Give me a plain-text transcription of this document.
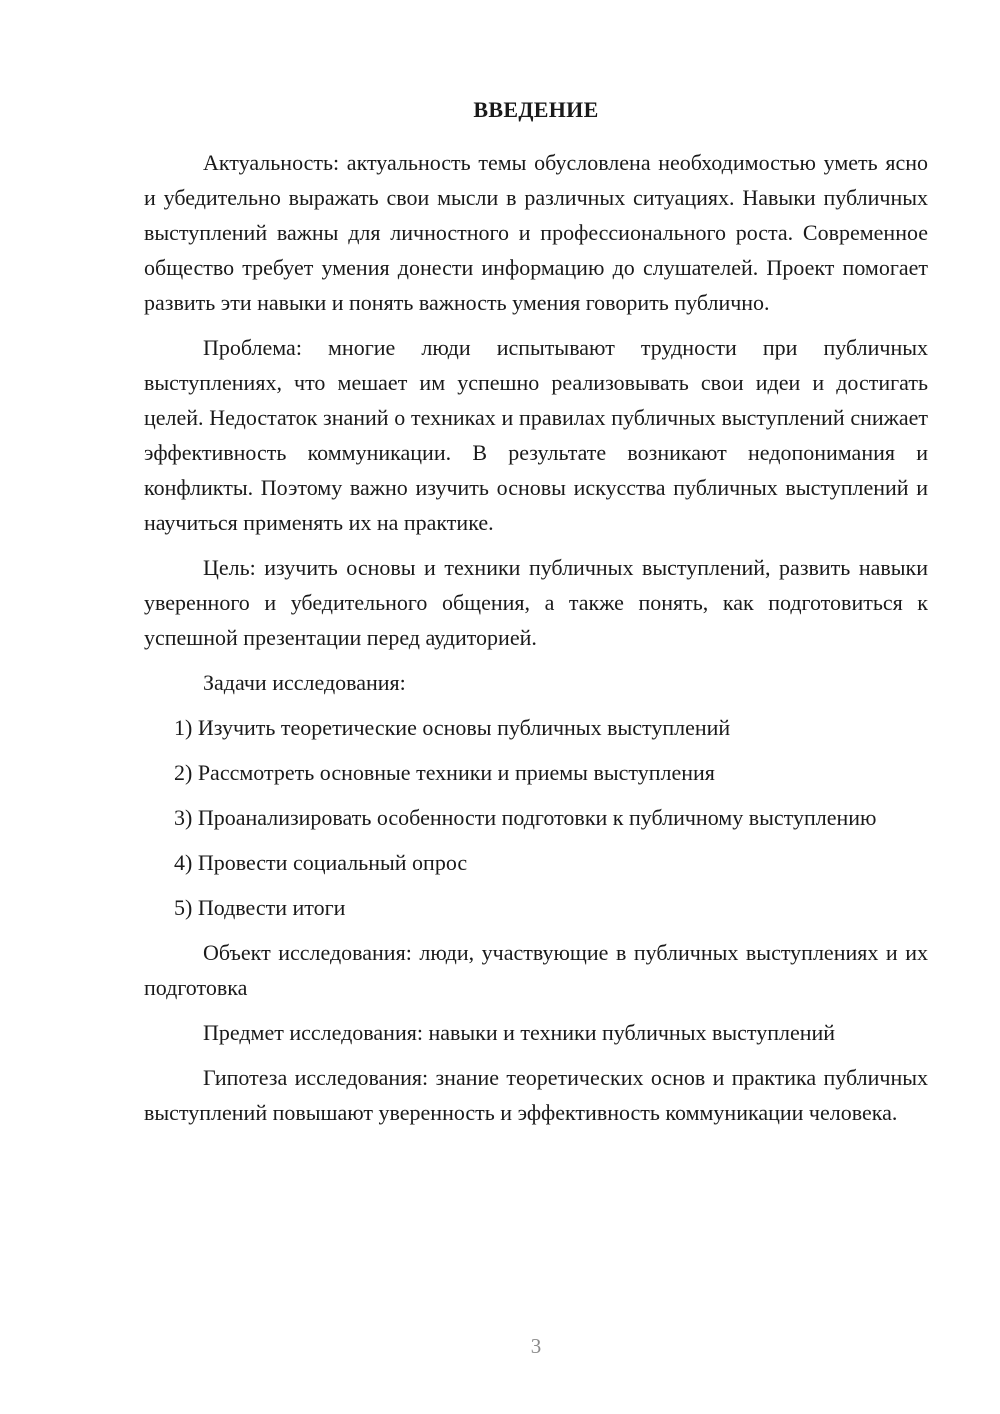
ВВЕДЕНИЕ

Актуальность: актуальность темы обусловлена необходимостью уметь ясно и убедительно выражать свои мысли в различных ситуациях. Навыки публичных выступлений важны для личностного и профессионального роста. Современное общество требует умения донести информацию до слушателей. Проект помогает развить эти навыки и понять важность умения говорить публично.

Проблема: многие люди испытывают трудности при публичных выступлениях, что мешает им успешно реализовывать свои идеи и достигать целей. Недостаток знаний о техниках и правилах публичных выступлений снижает эффективность коммуникации. В результате возникают недопонимания и конфликты. Поэтому важно изучить основы искусства публичных выступлений и научиться применять их на практике.

Цель: изучить основы и техники публичных выступлений, развить навыки уверенного и убедительного общения, а также понять, как подготовиться к успешной презентации перед аудиторией.

Задачи исследования:

1) Изучить теоретические основы публичных выступлений

2) Рассмотреть основные техники и приемы выступления

3) Проанализировать особенности подготовки к публичному выступлению

4) Провести социальный опрос

5) Подвести итоги

Объект исследования: люди, участвующие в публичных выступлениях и их подготовка

Предмет исследования: навыки и техники публичных выступлений

Гипотеза исследования: знание теоретических основ и практика публичных выступлений повышают уверенность и эффективность коммуникации человека.

3
